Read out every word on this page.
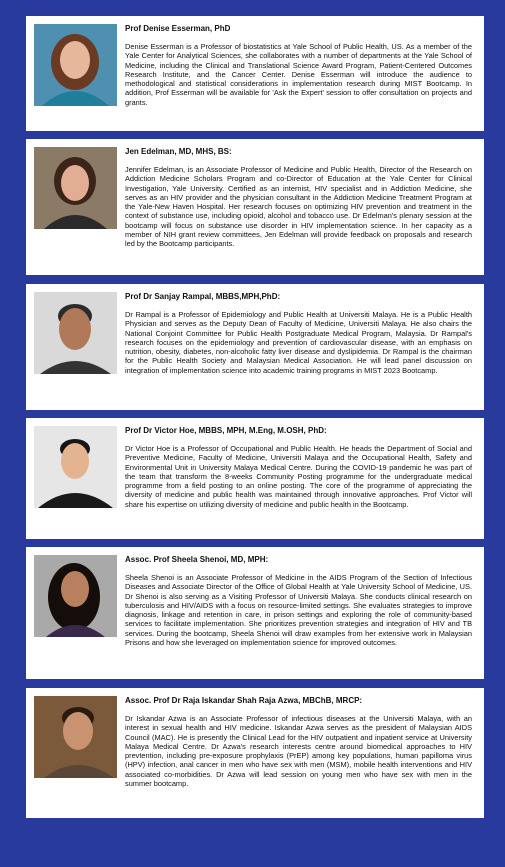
Prof Denise Esserman, PhD

Denise Esserman is a Professor of biostatistics at Yale School of Public Health, US. As a member of the Yale Center for Analytical Sciences, she collaborates with a number of departments at the Yale School of Medicine, including the Clinical and Translational Science Award Program, Patient-Centered Outcomes Research Institute, and the Cancer Center. Denise Esserman will introduce the audience to methodological and statistical considerations in implementation research during MIST Bootcamp. In addition, Prof Esserman will be available for 'Ask the Expert' session to offer consultation on projects and grants.

Jen Edelman, MD, MHS, BS:

Jennifer Edelman, is an Associate Professor of Medicine and Public Health, Director of the Research on Addiction Medicine Scholars Program and co-Director of Education at the Yale Center for Clinical Investigation, Yale University. Certified as an internist, HIV specialist and in Addiction Medicine, she serves as an HIV provider and the physician consultant in the Addiction Medicine Treatment Program at the Yale-New Haven Hospital. Her research focuses on optimizing HIV prevention and treatment in the context of substance use, including opioid, alcohol and tobacco use. Dr Edelman's plenary session at the bootcamp will focus on substance use disorder in HIV implementation science. In her capacity as a member of NIH grant review committees, Jen Edelman will provide feedback on proposals and research led by the Bootcamp participants.

Prof Dr Sanjay Rampal, MBBS,MPH,PhD:

Dr Rampal is a Professor of Epidemiology and Public Health at Universiti Malaya. He is a Public Health Physician and serves as the Deputy Dean of Faculty of Medicine, Universiti Malaya. He also chairs the National Conjoint Committee for Public Health Postgraduate Medical Program, Malaysia. Dr Rampal's research focuses on the epidemiology and prevention of cardiovascular disease, with an emphasis on nutrition, obesity, diabetes, non-alcoholic fatty liver disease and dyslipidemia. Dr Rampal is the chairman for the Public Health Society and Malaysian Medical Association. He will lead panel discussion on integration of implementation science into academic training programs in MIST 2023 Bootcamp.

Prof Dr Victor Hoe, MBBS, MPH, M.Eng, M.OSH, PhD:

Dr Victor Hoe is a Professor of Occupational and Public Health. He heads the Department of Social and Preventive Medicine, Faculty of Medicine, Universiti Malaya and the Occupational Health, Safety and Environmental Unit in University Malaya Medical Centre. During the COVID-19 pandemic he was part of the team that transform the 8-weeks Community Posting programme for the undergraduate medical programme from a field posting to an online posting. The core of the programme of appreciating the diversity of medicine and public health was maintained through innovative approaches. Prof Victor will share his expertise on utilizing diversity of medicine and public health in the Bootcamp.

Assoc. Prof Sheela Shenoi, MD, MPH:

Sheela Shenoi is an Associate Professor of Medicine in the AIDS Program of the Section of Infectious Diseases and Associate Director of the Office of Global Health at Yale University School of Medicine, US. Dr Shenoi is also serving as a Visiting Professor of Universiti Malaya. She conducts clinical research on tuberculosis and HIV/AIDS with a focus on resource-limited settings. She evaluates strategies to improve diagnosis, linkage and retention in care, in prison settings and exploring the role of community-based services to facilitate implementation. She prioritizes prevention strategies and integration of HIV and TB services. During the bootcamp, Sheela Shenoi will draw examples from her extensive work in Malaysian Prisons and how she leveraged on implementation science for improved outcomes.

Assoc. Prof Dr Raja Iskandar Shah Raja Azwa, MBChB, MRCP:

Dr Iskandar Azwa is an Associate Professor of infectious diseases at the Universiti Malaya, with an interest in sexual health and HIV medicine. Iskandar Azwa serves as the president of Malaysian AIDS Council (MAC). He is presently the Clinical Lead for the HIV outpatient and inpatient service at University Malaya Medical Centre. Dr Azwa's research interests centre around biomedical approaches to HIV prevtention, including pre-exposure prophylaxis (PrEP) among key populations, human papilloma virus (HPV) infection, anal cancer in men who have sex with men (MSM), mobile health interventions and HIV associated co-morbidities. Dr Azwa will lead session on young men who have sex with men in the summer bootcamp.
